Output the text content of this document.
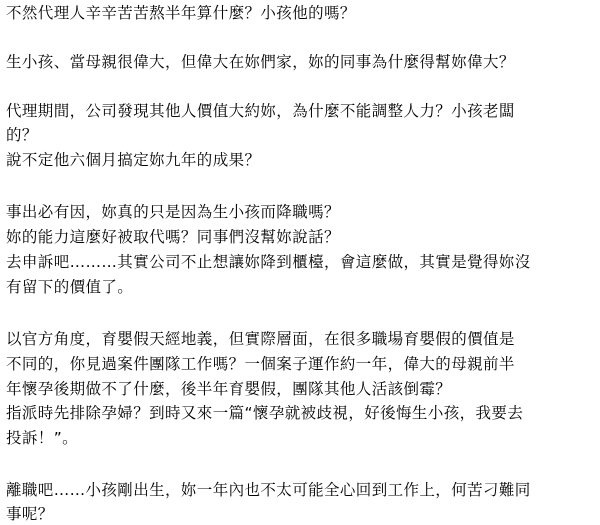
不然代理人辛辛苦苦熬半年算什麼？小孩他的嗎？
生小孩、當母親很偉大，但偉大在妳們家，妳的同事為什麼得幫妳偉大？
代理期間，公司發現其他人價值大約妳，為什麼不能調整人力？小孩老闆
的？
說不定他六個月搞定妳九年的成果？
事出必有因，妳真的只是因為生小孩而降職嗎？
妳的能力這麼好被取代嗎？同事們沒幫妳說話？
去申訴吧………其實公司不止想讓妳降到櫃檯，會這麼做，其實是覺得妳沒
有留下的價值了。
以官方角度，育嬰假天經地義，但實際層面，在很多職場育嬰假的價值是
不同的，你見過案件團隊工作嗎？一個案子運作約一年，偉大的母親前半
年懷孕後期做不了什麼，後半年育嬰假，團隊其他人活該倒霉？
指派時先排除孕婦？到時又來一篇“懷孕就被歧視，好後悔生小孩，我要去
投訴！”。
離職吧……小孩剛出生，妳一年內也不太可能全心回到工作上，何苦刁難同
事呢？
